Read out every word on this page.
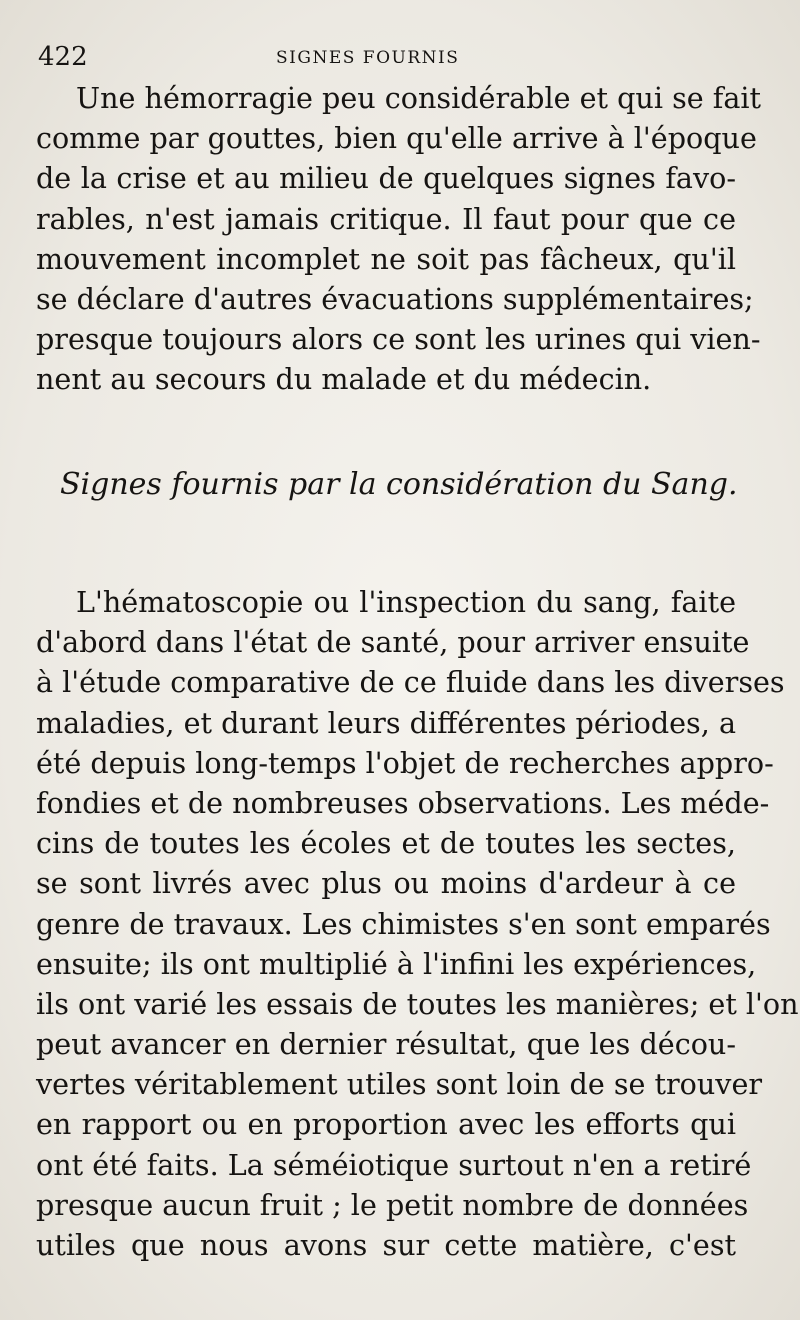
422	SIGNES FOURNIS
Une hémorragie peu considérable et qui se fait
comme par gouttes, bien qu'elle arrive à l'époque
de la crise et au milieu de quelques signes favo-
rables, n'est jamais critique. Il faut pour que ce
mouvement incomplet ne soit pas fâcheux, qu'il
se déclare d'autres évacuations supplémentaires;
presque toujours alors ce sont les urines qui vien-
nent au secours du malade et du médecin.
Signes fournis par la considération du Sang.
L'hématoscopie ou l'inspection du sang, faite
d'abord dans l'état de santé, pour arriver ensuite
à l'étude comparative de ce fluide dans les diverses
maladies, et durant leurs différentes périodes, a
été depuis long-temps l'objet de recherches appro-
fondies et de nombreuses observations. Les méde-
cins de toutes les écoles et de toutes les sectes,
se sont livrés avec plus ou moins d'ardeur à ce
genre de travaux. Les chimistes s'en sont emparés
ensuite; ils ont multiplié à l'infini les expériences,
ils ont varié les essais de toutes les manières; et l'on
peut avancer en dernier résultat, que les décou-
vertes véritablement utiles sont loin de se trouver
en rapport ou en proportion avec les efforts qui
ont été faits. La séméiotique surtout n'en a retiré
presque aucun fruit ; le petit nombre de données
utiles que nous avons sur cette matière, c'est
